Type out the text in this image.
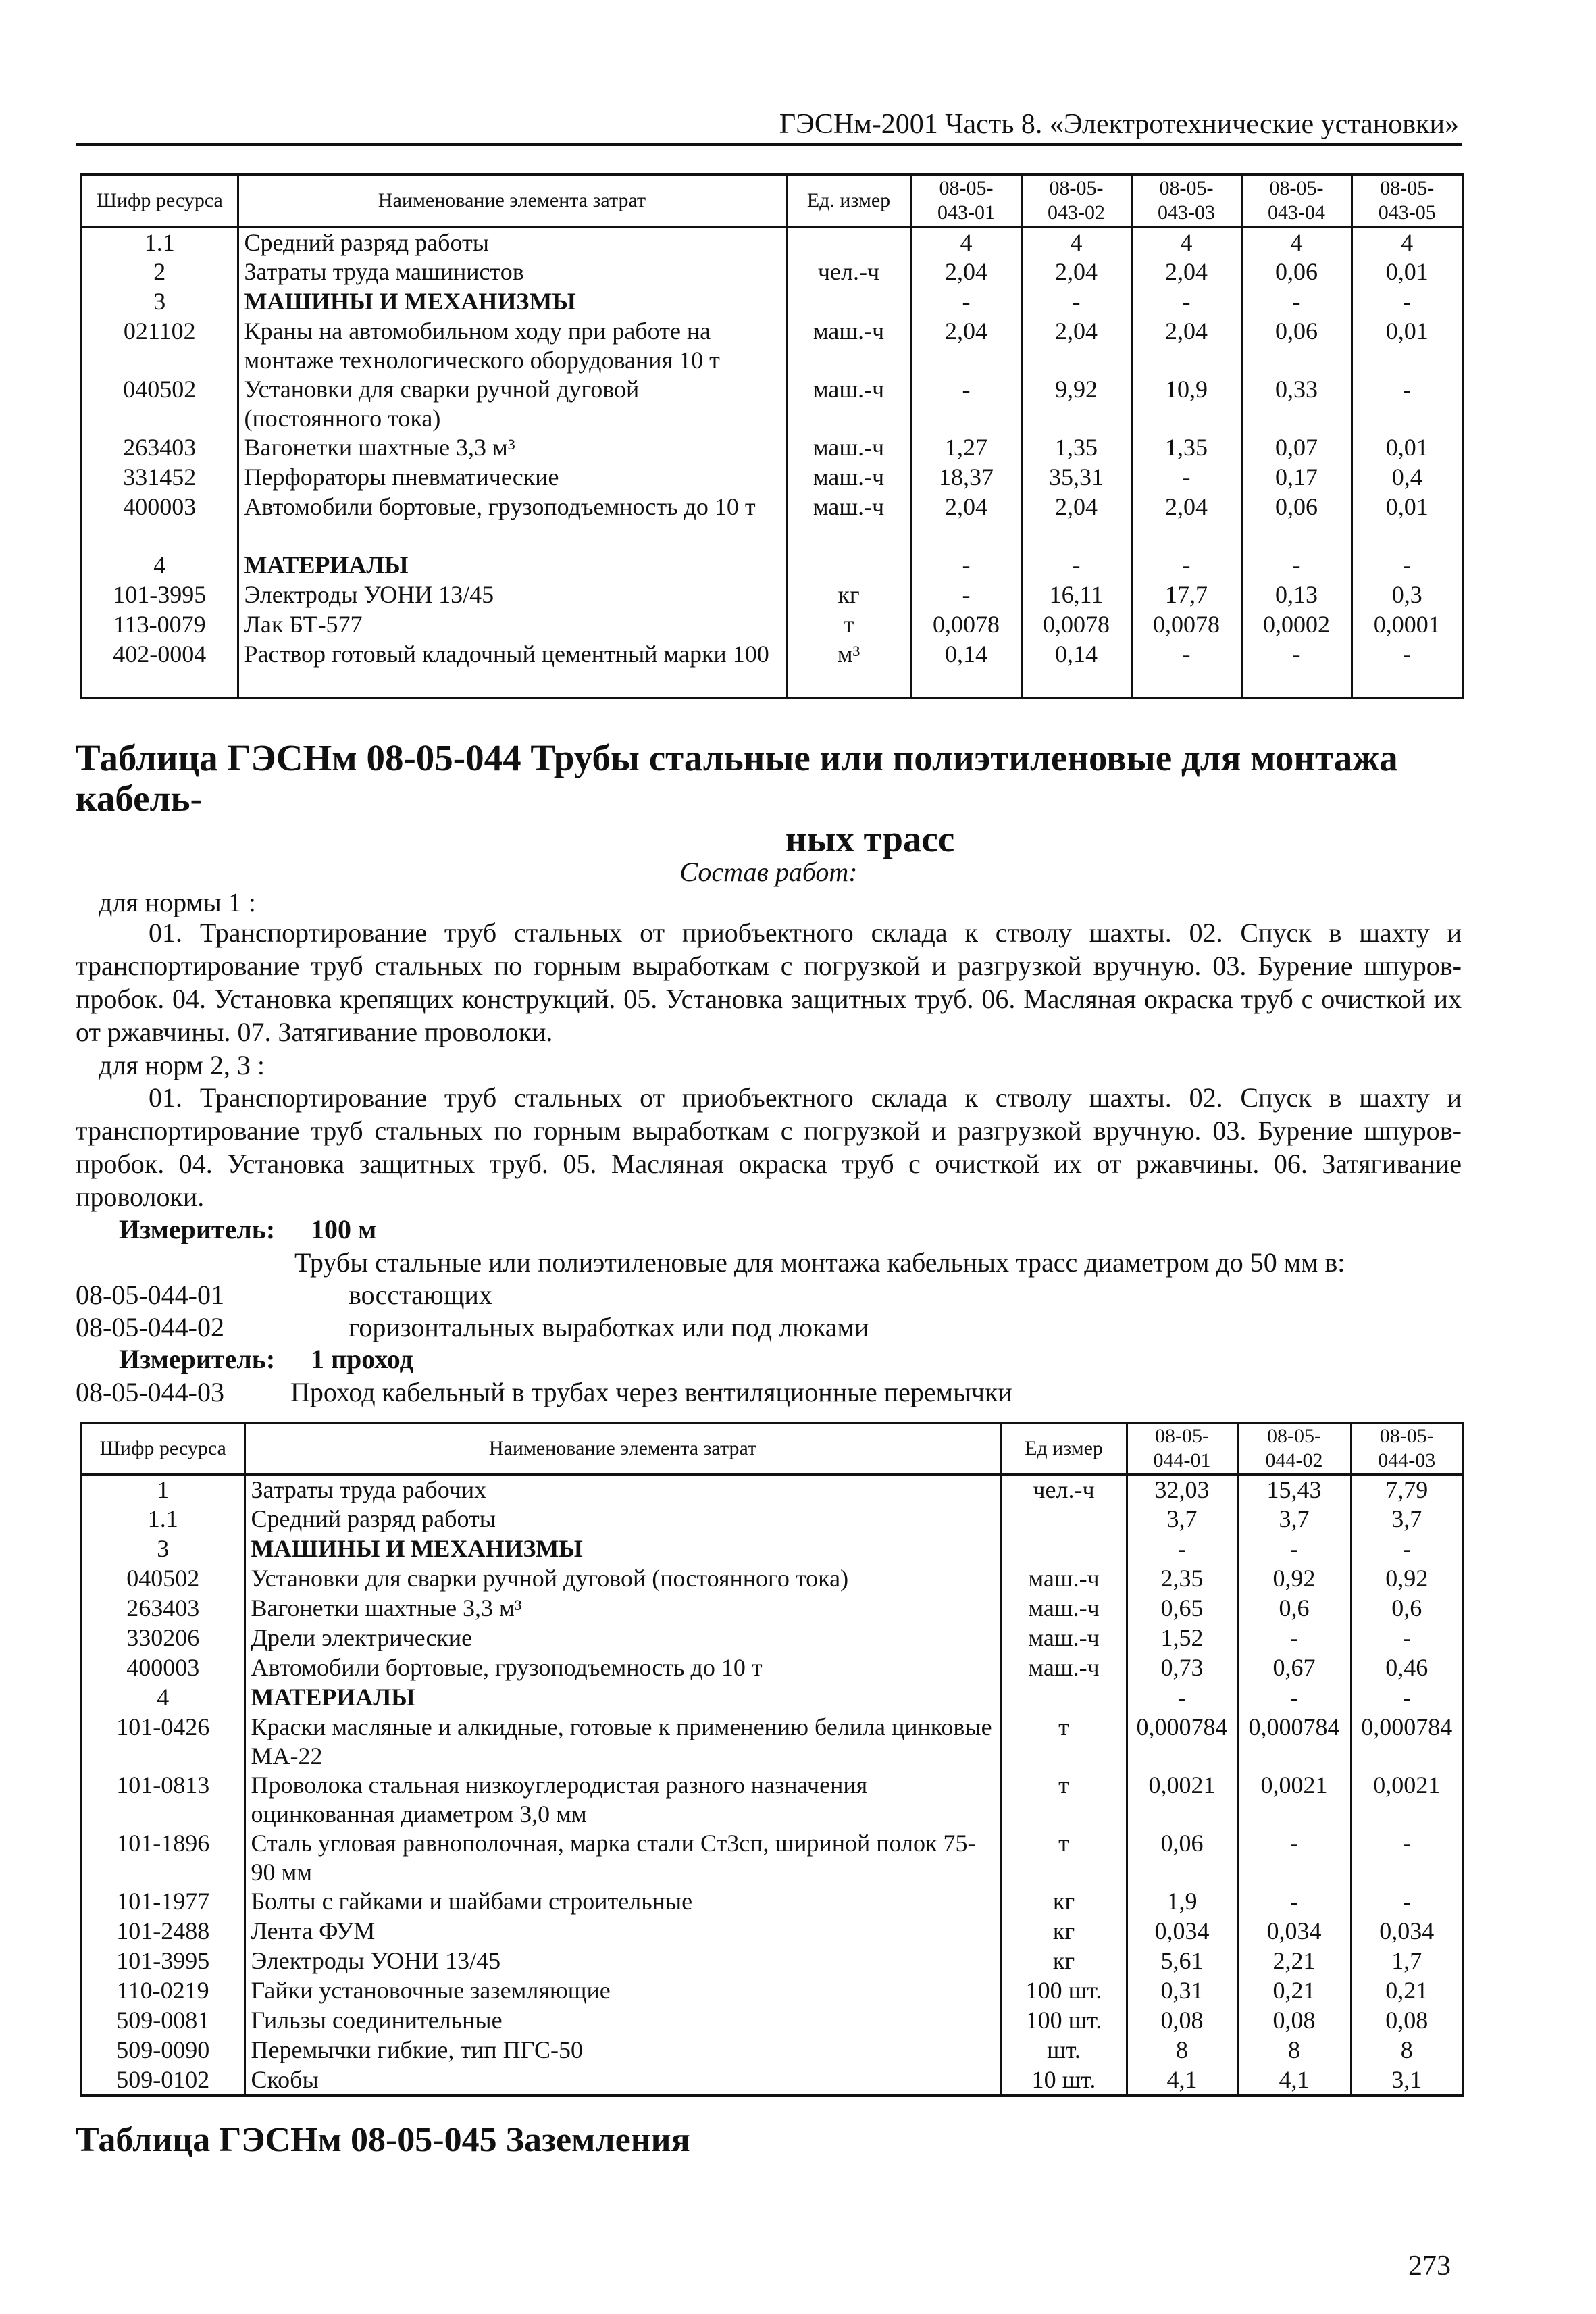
ГЭСНм-2001 Часть 8. «Электротехнические установки»
Шифр ресурса	Наименование элемента затрат	Ед. измер	08-05-
043-01	08-05-
043-02	08-05-
043-03	08-05-
043-04	08-05-
043-05
1.1	Средний разряд работы		4	4	4	4	4
2	Затраты труда машинистов	чел.-ч	2,04	2,04	2,04	0,06	0,01
3	МАШИНЫ И МЕХАНИЗМЫ		-	-	-	-	-
021102	Краны на автомобильном ходу при работе на монтаже технологического оборудования 10 т	маш.-ч	2,04	2,04	2,04	0,06	0,01
040502	Установки для сварки ручной дуговой (постоянного тока)	маш.-ч	-	9,92	10,9	0,33	-
263403	Вагонетки шахтные 3,3 м³	маш.-ч	1,27	1,35	1,35	0,07	0,01
331452	Перфораторы пневматические	маш.-ч	18,37	35,31	-	0,17	0,4
400003	Автомобили бортовые, грузоподъемность до 10 т	маш.-ч	2,04	2,04	2,04	0,06	0,01
4	МАТЕРИАЛЫ		-	-	-	-	-
101-3995	Электроды УОНИ 13/45	кг	-	16,11	17,7	0,13	0,3
113-0079	Лак БТ-577	т	0,0078	0,0078	0,0078	0,0002	0,0001
402-0004	Раствор готовый кладочный цементный марки 100	м³	0,14	0,14	-	-	-
Таблица ГЭСНм 08-05-044 Трубы стальные или полиэтиленовые для монтажа кабель-
ных трасс
Состав работ:
для нормы 1 :
01. Транспортирование труб стальных от приобъектного склада к стволу шахты. 02. Спуск в шахту и транспортирование труб стальных по горным выработкам с погрузкой и разгрузкой вручную. 03. Бурение шпуров-пробок. 04. Установка крепящих конструкций. 05. Установка защитных труб. 06. Масляная окраска труб с очисткой их от ржавчины. 07. Затягивание проволоки.
для норм 2, 3 :
01. Транспортирование труб стальных от приобъектного склада к стволу шахты. 02. Спуск в шахту и транспортирование труб стальных по горным выработкам с погрузкой и разгрузкой вручную. 03. Бурение шпуров-пробок. 04. Установка защитных труб. 05. Масляная окраска труб с очисткой их от ржавчины. 06. Затягивание проволоки.
Измеритель: 100 м
Трубы стальные или полиэтиленовые для монтажа кабельных трасс диаметром до 50 мм в:
08-05-044-01	восстающих
08-05-044-02	горизонтальных выработках или под люками
Измеритель: 1 проход
08-05-044-03	Проход кабельный в трубах через вентиляционные перемычки
Шифр ресурса	Наименование элемента затрат	Ед измер	08-05-
044-01	08-05-
044-02	08-05-
044-03
1	Затраты труда рабочих	чел.-ч	32,03	15,43	7,79
1.1	Средний разряд работы		3,7	3,7	3,7
3	МАШИНЫ И МЕХАНИЗМЫ		-	-	-
040502	Установки для сварки ручной дуговой (постоянного тока)	маш.-ч	2,35	0,92	0,92
263403	Вагонетки шахтные 3,3 м³	маш.-ч	0,65	0,6	0,6
330206	Дрели электрические	маш.-ч	1,52	-	-
400003	Автомобили бортовые, грузоподъемность до 10 т	маш.-ч	0,73	0,67	0,46
4	МАТЕРИАЛЫ		-	-	-
101-0426	Краски масляные и алкидные, готовые к применению белила цинковые МА-22	т	0,000784	0,000784	0,000784
101-0813	Проволока стальная низкоуглеродистая разного назначения оцинкованная диаметром 3,0 мм	т	0,0021	0,0021	0,0021
101-1896	Сталь угловая равнополочная, марка стали Ст3сп, шириной полок 75-90 мм	т	0,06	-	-
101-1977	Болты с гайками и шайбами строительные	кг	1,9	-	-
101-2488	Лента ФУМ	кг	0,034	0,034	0,034
101-3995	Электроды УОНИ 13/45	кг	5,61	2,21	1,7
110-0219	Гайки установочные заземляющие	100 шт.	0,31	0,21	0,21
509-0081	Гильзы соединительные	100 шт.	0,08	0,08	0,08
509-0090	Перемычки гибкие, тип ПГС-50	шт.	8	8	8
509-0102	Скобы	10 шт.	4,1	4,1	3,1
Таблица ГЭСНм 08-05-045 Заземления
273
